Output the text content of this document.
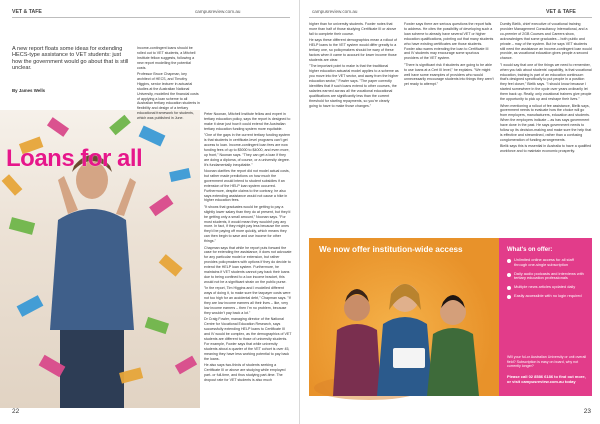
VET & TAFE	campusreview.com.au
A new report floats some ideas for extending HECS-type assistance to VET students: just how the government would go about that is still unclear.
By James Wells
Loans for all

Income-contingent loans should be rolled out to VET students, a Mitchell Institute fellow suggests, following a new report modelling the potential costs.

Professor Bruce Chapman, key architect of HECS, and Timothy Higgins, senior lecturer in actuarial studies at the Australian National University, modelled the financial costs of applying a loan scheme to all Australian tertiary education students in flexibility and design of a tertiary educational framework for students, which was published in June.

Peter Noonan, Mitchell Institute fellow and expert in tertiary education policy, says the report is designed to make it clear just how it could extend the Australian tertiary education funding system more equitable.

"One of the gaps in the current tertiary funding system is that students in certificate-level programs can't get access to loan. Income-contingent loan fees are now funding fees of up to $5000 to $4000, and even more, up front," Noonan says. "They can get a loan if they are doing a diploma, of course, or a university degree. It's fundamentally inequitable."

Noonan clarifies the report did not model actual costs, but rather made predictions on how much the government would intend to student subsidies if an extension of the HELP loan system occurred. Furthermore, despite claims to the contrary, he also says extending assistance would not cause a hike in higher education fees.

"It shows that graduates would be getting to pay a slightly lower salary than they do at present, but they'd be getting only a small amount," Noonan says. "For most students, it would mean they wouldn't pay any more. In fact, if they might pay less because the ones they'd be paying off more quickly, which means they can then begin to save and use income for other things."

Chapman says that while he report puts forward the case for extending fee assistance, it does not advocate for any particular model or extension, but rather provides policymakers with options if they do decide to extend the HELP loan system. Furthermore, he maintains if VET students cannot pay back their loans due to being confined to a low income bracket, this would not be a significant strain on the public purse.

"In the report, Tim Higgins and I modelled different ways of doing it, to make sure the taxpayer costs were not too high for an accidental debt," Chapman says. "If they are low income earners all their lives – like, very low income earners – then I'm no problem, because they wouldn't pay back a lot."

Dr Craig Fowler, managing director of the National Centre for Vocational Education Research, says successfully extending HELP loans to Certificate III and IV would be complex, as the demographics of VET students are different to those of university students. For example, Fowler says that while university students about a quarter of the VET cohort is over 45, meaning they have less working potential to pay back the loans.

He also says two-thirds of students seeking a Certificate III or above are studying while employed part- or full-time, and thus studying part-time. The dropout rate for VET students is also much

22
campusreview.com.au	VET & TAFE

higher than for university students. Fowler notes that more than half of those studying Certificate III or above fail to complete their course.

He says these different demographics mean a rollout of HELP loans to the VET system would differ greatly to a tertiary one, so policymakers should be wary of these factors when it came to account for lower income those students are clear.

"The important point to make is that the traditional higher education actuarial model applies to a scheme as you move into the VET sector, and away from the higher education sector," Fowler says. "The paper correctly identifies that if such loans extend to other courses, the salaries earned across all the vocational educational qualifications are significantly less than the current threshold for starting repayments, so you're clearly going to have to make those changes."

Fowler says there are serious questions the report fails to address. He cites the possibility of developing such a loan scheme to already have several VET or higher education qualifications, pointing out that many students who have existing certificates are those students. Fowler also warns extending the loan to Certificate III and IV students may encourage some spurious providers of the VET system.

"There is significant risk if students are going to be able to use loans at a Cert III level," he explains. "We might well have some examples of providers who would unnecessarily encourage students into things they aren't yet ready to attempt."

Dumity Bielik, chief executive of vocational training provider Management Consultancy International, and a co-premier of 2GB Courses and Careers show, acknowledges that some graduates – both public and private – may of the system. But he says VET students still need the assistance an income-contingent loan would provide, as vocational education gives people a second chance.

"I would say that one of the things we need to remember, when you talk about students' capability, is that vocational education, training is part of an education continuum that's designed specifically to put people in a position they feel closer," Bielik says. "I should know because I started somewhere in the cycle over years ordinarily let them back up. Really, only vocational trainers give people the opportunity to pick up and reshape their lives."

When mentioning a rollout of fee assistance, Bielik says, government needs to evaluate how the choice will go from employers, manufacturers, education and students. When the employers indicate – as has says government have done in the past. He says government needs to follow up its decision-making and make sure the help that is effective and streamlined, rather than a confusing conglomeration of funding arrangements.

Bielik says this is essential in Australia to have a qualified workforce and to maintain economic prosperity.

23
We now offer institution-wide access	What's on offer:
Unlimited online access for all staff through one-single subscription
Daily audio podcasts and interviews with tertiary education professionals
Multiple news articles updated daily
Easily accessible with no login required
Will your ful-or Australian University or unit overall field? Subscription is easy on board, why not currently longer?
Please call 02 8586 6186 to find out more, or visit campusreview.com.au today
